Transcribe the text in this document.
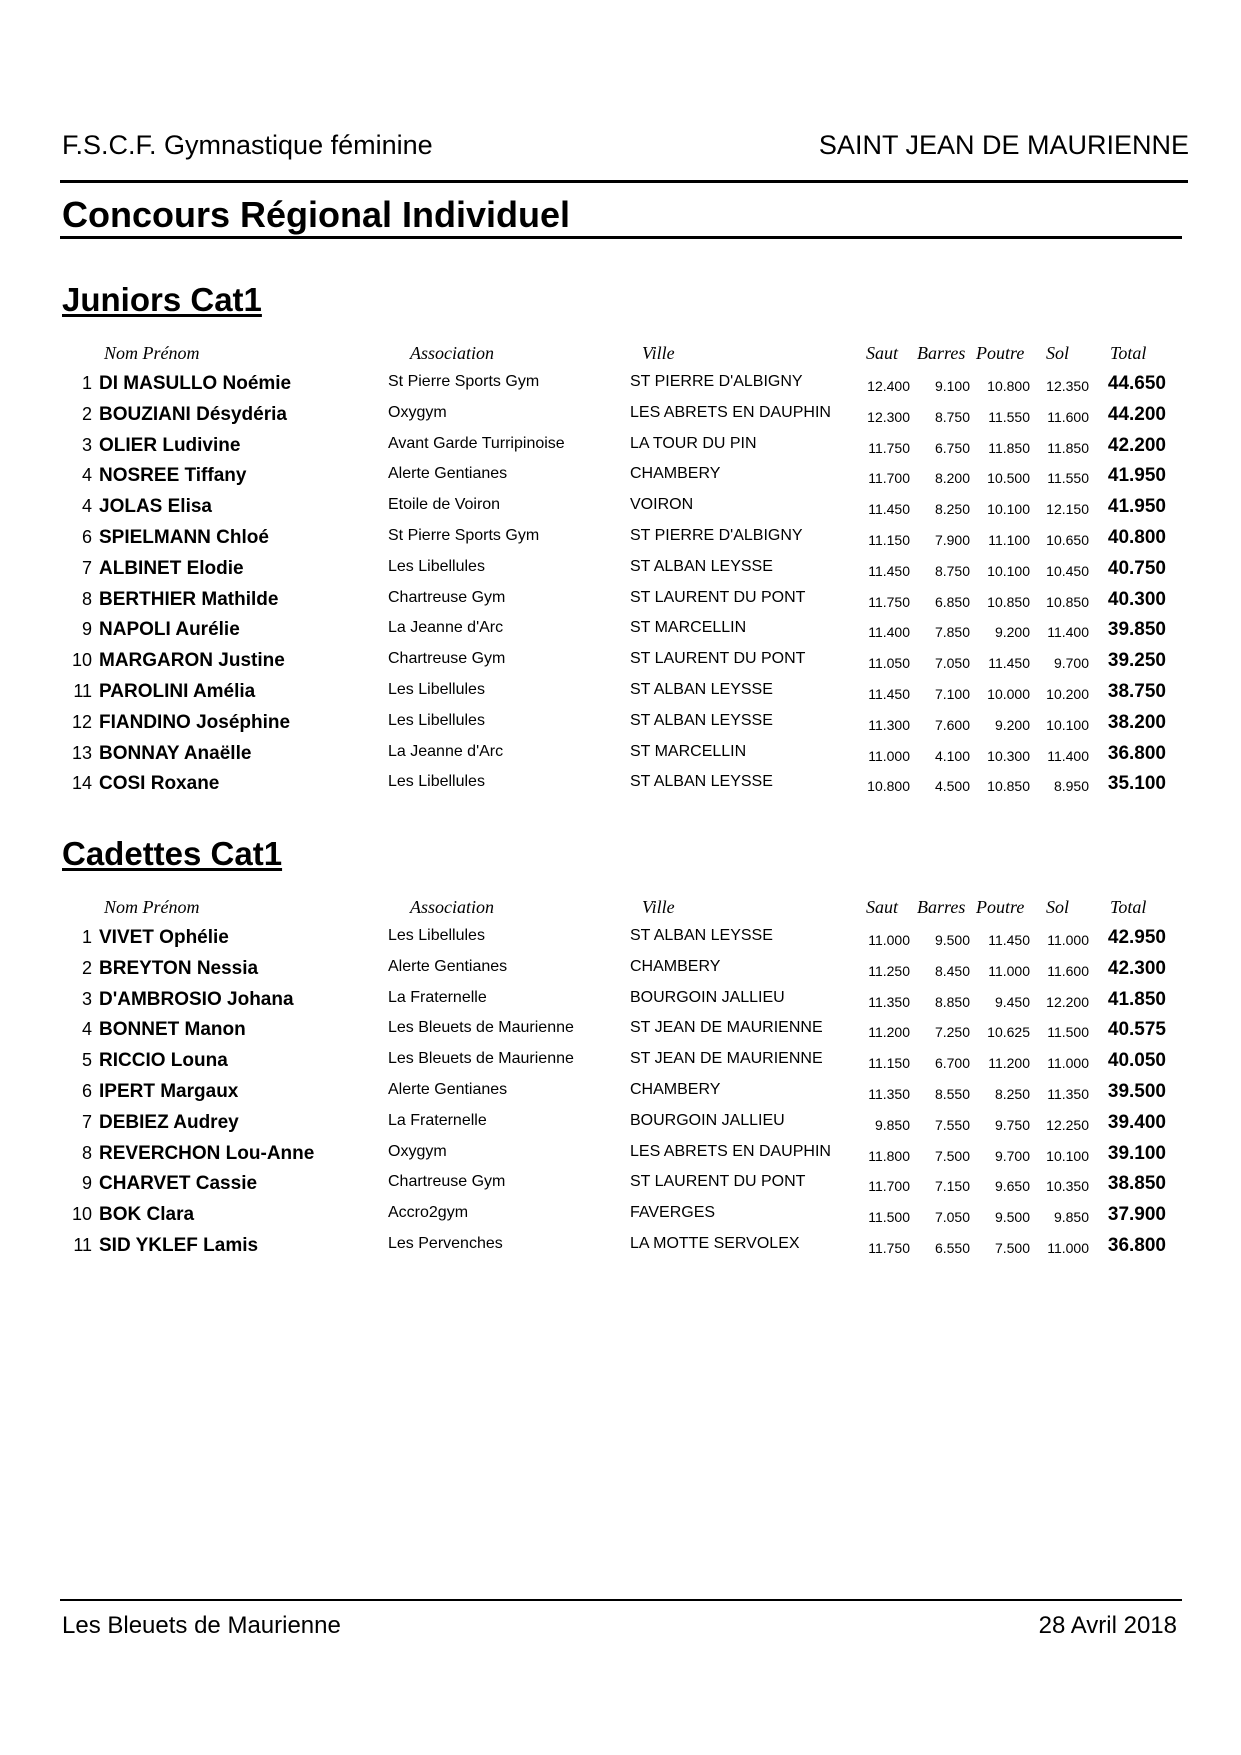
F.S.C.F. Gymnastique féminine	SAINT JEAN DE MAURIENNE
Concours Régional Individuel
Juniors Cat1
Nom Prénom	Association	Ville	Saut Barres Poutre Sol Total
1 DI MASULLO Noémie	St Pierre Sports Gym	ST PIERRE D'ALBIGNY	12.400	9.100	10.800	12.350 44.650
2 BOUZIANI Désydéria	Oxygym	LES ABRETS EN DAUPHIN	12.300	8.750	11.550	11.600 44.200
3 OLIER Ludivine	Avant Garde Turripinoise	LA TOUR DU PIN	11.750	6.750	11.850	11.850 42.200
4 NOSREE Tiffany	Alerte Gentianes	CHAMBERY	11.700	8.200	10.500	11.550 41.950
4 JOLAS Elisa	Etoile de Voiron	VOIRON	11.450	8.250	10.100	12.150 41.950
6 SPIELMANN Chloé	St Pierre Sports Gym	ST PIERRE D'ALBIGNY	11.150	7.900	11.100	10.650 40.800
7 ALBINET Elodie	Les Libellules	ST ALBAN LEYSSE	11.450	8.750	10.100	10.450 40.750
8 BERTHIER Mathilde	Chartreuse Gym	ST LAURENT DU PONT	11.750	6.850	10.850	10.850 40.300
9 NAPOLI Aurélie	La Jeanne d'Arc	ST MARCELLIN	11.400	7.850	9.200	11.400 39.850
10 MARGARON Justine	Chartreuse Gym	ST LAURENT DU PONT	11.050	7.050	11.450	9.700 39.250
11 PAROLINI Amélia	Les Libellules	ST ALBAN LEYSSE	11.450	7.100	10.000	10.200 38.750
12 FIANDINO Joséphine	Les Libellules	ST ALBAN LEYSSE	11.300	7.600	9.200	10.100 38.200
13 BONNAY Anaëlle	La Jeanne d'Arc	ST MARCELLIN	11.000	4.100	10.300	11.400 36.800
14 COSI Roxane	Les Libellules	ST ALBAN LEYSSE	10.800	4.500	10.850	8.950 35.100
Cadettes Cat1
Nom Prénom	Association	Ville	Saut Barres Poutre Sol Total
1 VIVET Ophélie	Les Libellules	ST ALBAN LEYSSE	11.000	9.500	11.450	11.000 42.950
2 BREYTON Nessia	Alerte Gentianes	CHAMBERY	11.250	8.450	11.000	11.600 42.300
3 D'AMBROSIO Johana	La Fraternelle	BOURGOIN JALLIEU	11.350	8.850	9.450	12.200 41.850
4 BONNET Manon	Les Bleuets de Maurienne	ST JEAN DE MAURIENNE	11.200	7.250	10.625	11.500 40.575
5 RICCIO Louna	Les Bleuets de Maurienne	ST JEAN DE MAURIENNE	11.150	6.700	11.200	11.000 40.050
6 IPERT Margaux	Alerte Gentianes	CHAMBERY	11.350	8.550	8.250	11.350 39.500
7 DEBIEZ Audrey	La Fraternelle	BOURGOIN JALLIEU	9.850	7.550	9.750	12.250 39.400
8 REVERCHON Lou-Anne	Oxygym	LES ABRETS EN DAUPHIN	11.800	7.500	9.700	10.100 39.100
9 CHARVET Cassie	Chartreuse Gym	ST LAURENT DU PONT	11.700	7.150	9.650	10.350 38.850
10 BOK Clara	Accro2gym	FAVERGES	11.500	7.050	9.500	9.850 37.900
11 SID YKLEF Lamis	Les Pervenches	LA MOTTE SERVOLEX	11.750	6.550	7.500	11.000 36.800
Les Bleuets de Maurienne	28 Avril 2018
